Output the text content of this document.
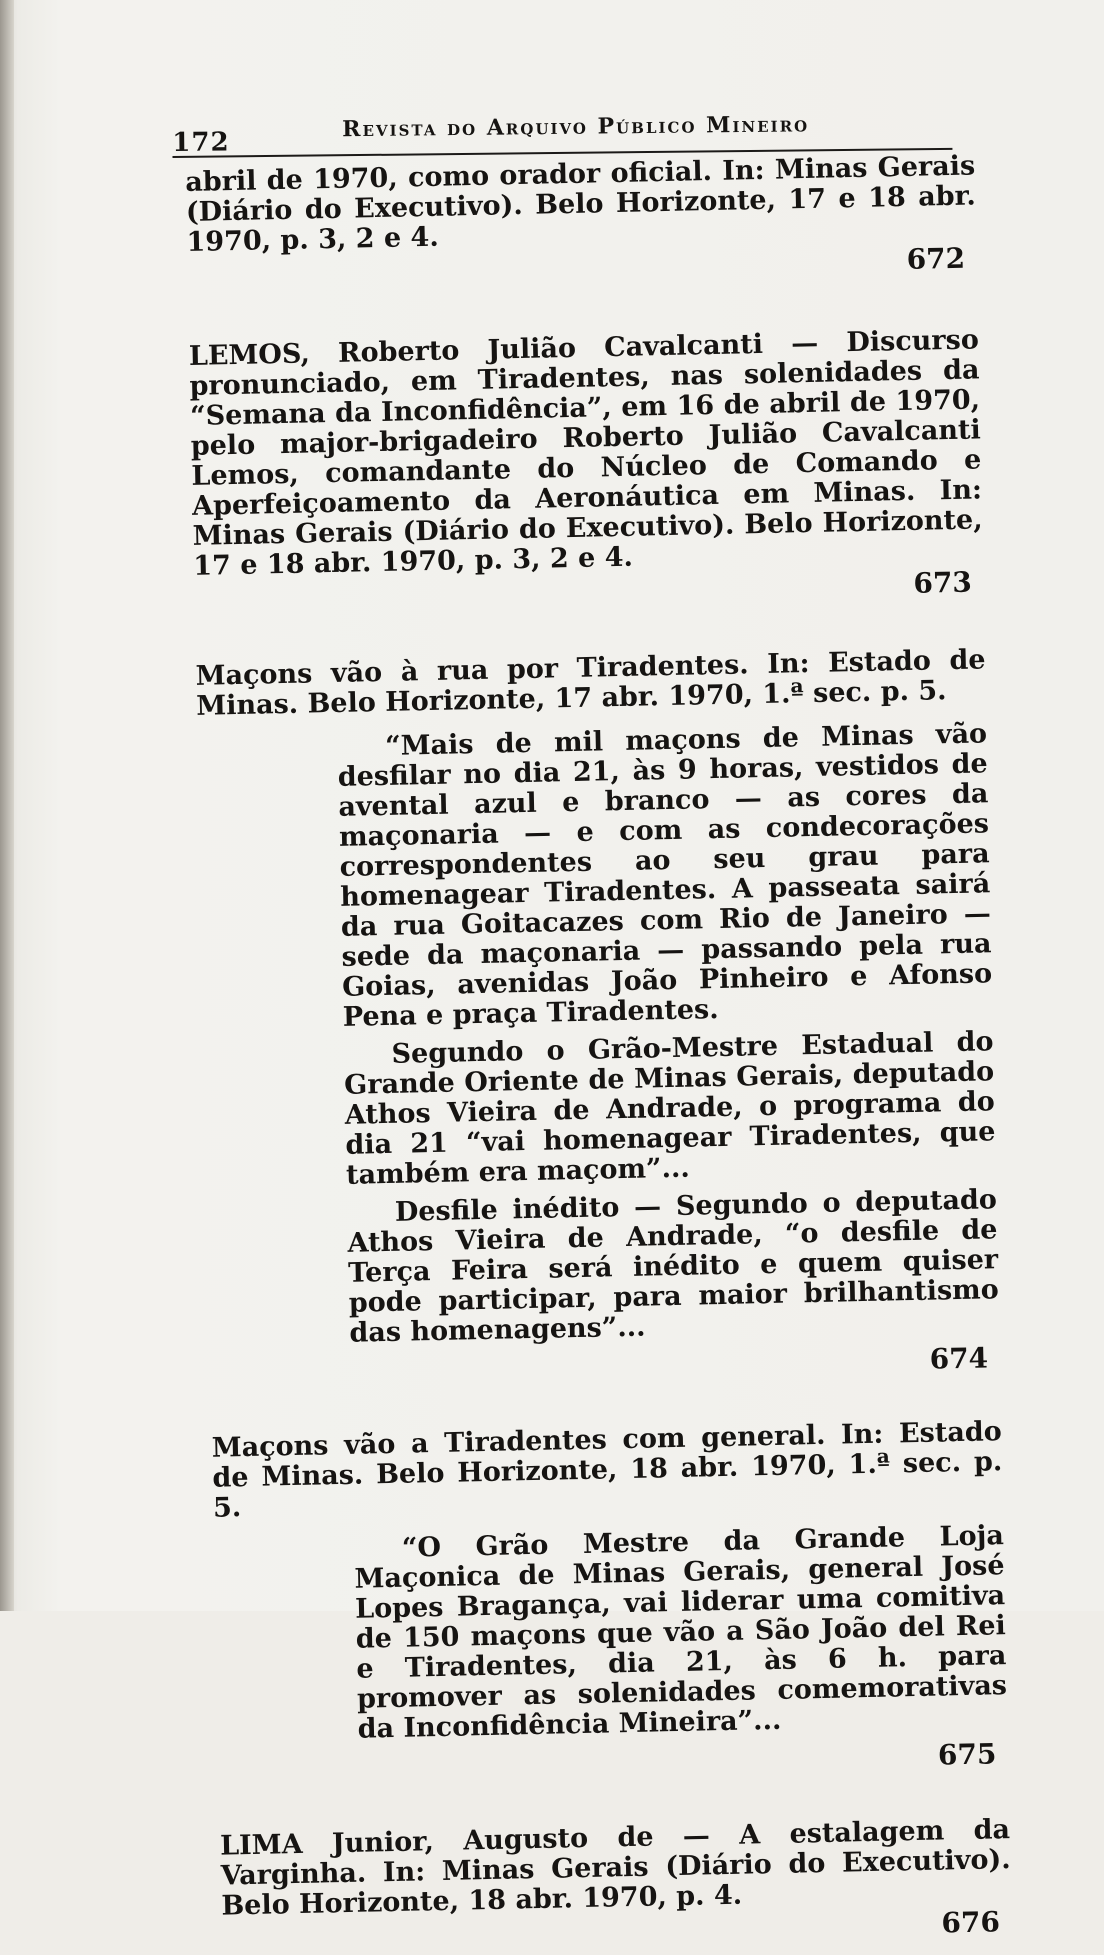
172
Revista do Arquivo Público Mineiro

abril de 1970, como orador oficial. In: Minas Gerais (Diário do Executivo). Belo Horizonte, 17 e 18 abr. 1970, p. 3, 2 e 4.

672

LEMOS, Roberto Julião Cavalcanti — Discurso pronunciado, em Tiradentes, nas solenidades da “Semana da Inconfidência”, em 16 de abril de 1970, pelo major-brigadeiro Roberto Julião Cavalcanti Lemos, comandante do Núcleo de Comando e Aperfeiçoamento da Aeronáutica em Minas. In: Minas Gerais (Diário do Executivo). Belo Horizonte, 17 e 18 abr. 1970, p. 3, 2 e 4.

673

Maçons vão à rua por Tiradentes. In: Estado de Minas. Belo Horizonte, 17 abr. 1970, 1.ª sec. p. 5.

“Mais de mil maçons de Minas vão desfilar no dia 21, às 9 horas, vestidos de avental azul e branco — as cores da maçonaria — e com as condecorações correspondentes ao seu grau para homenagear Tiradentes. A passeata sairá da rua Goitacazes com Rio de Janeiro — sede da maçonaria — passando pela rua Goias, avenidas João Pinheiro e Afonso Pena e praça Tiradentes.

Segundo o Grão-Mestre Estadual do Grande Oriente de Minas Gerais, deputado Athos Vieira de Andrade, o programa do dia 21 “vai homenagear Tiradentes, que também era maçom”...

Desfile inédito — Segundo o deputado Athos Vieira de Andrade, “o desfile de Terça Feira será inédito e quem quiser pode participar, para maior brilhantismo das homenagens”...

674

Maçons vão a Tiradentes com general. In: Estado de Minas. Belo Horizonte, 18 abr. 1970, 1.ª sec. p. 5.

“O Grão Mestre da Grande Loja Maçonica de Minas Gerais, general José Lopes Bragança, vai liderar uma comitiva de 150 maçons que vão a São João del Rei e Tiradentes, dia 21, às 6 h. para promover as solenidades comemorativas da Inconfidência Mineira”...

675

LIMA Junior, Augusto de — A estalagem da Varginha. In: Minas Gerais (Diário do Executivo). Belo Horizonte, 18 abr. 1970, p. 4.

676
